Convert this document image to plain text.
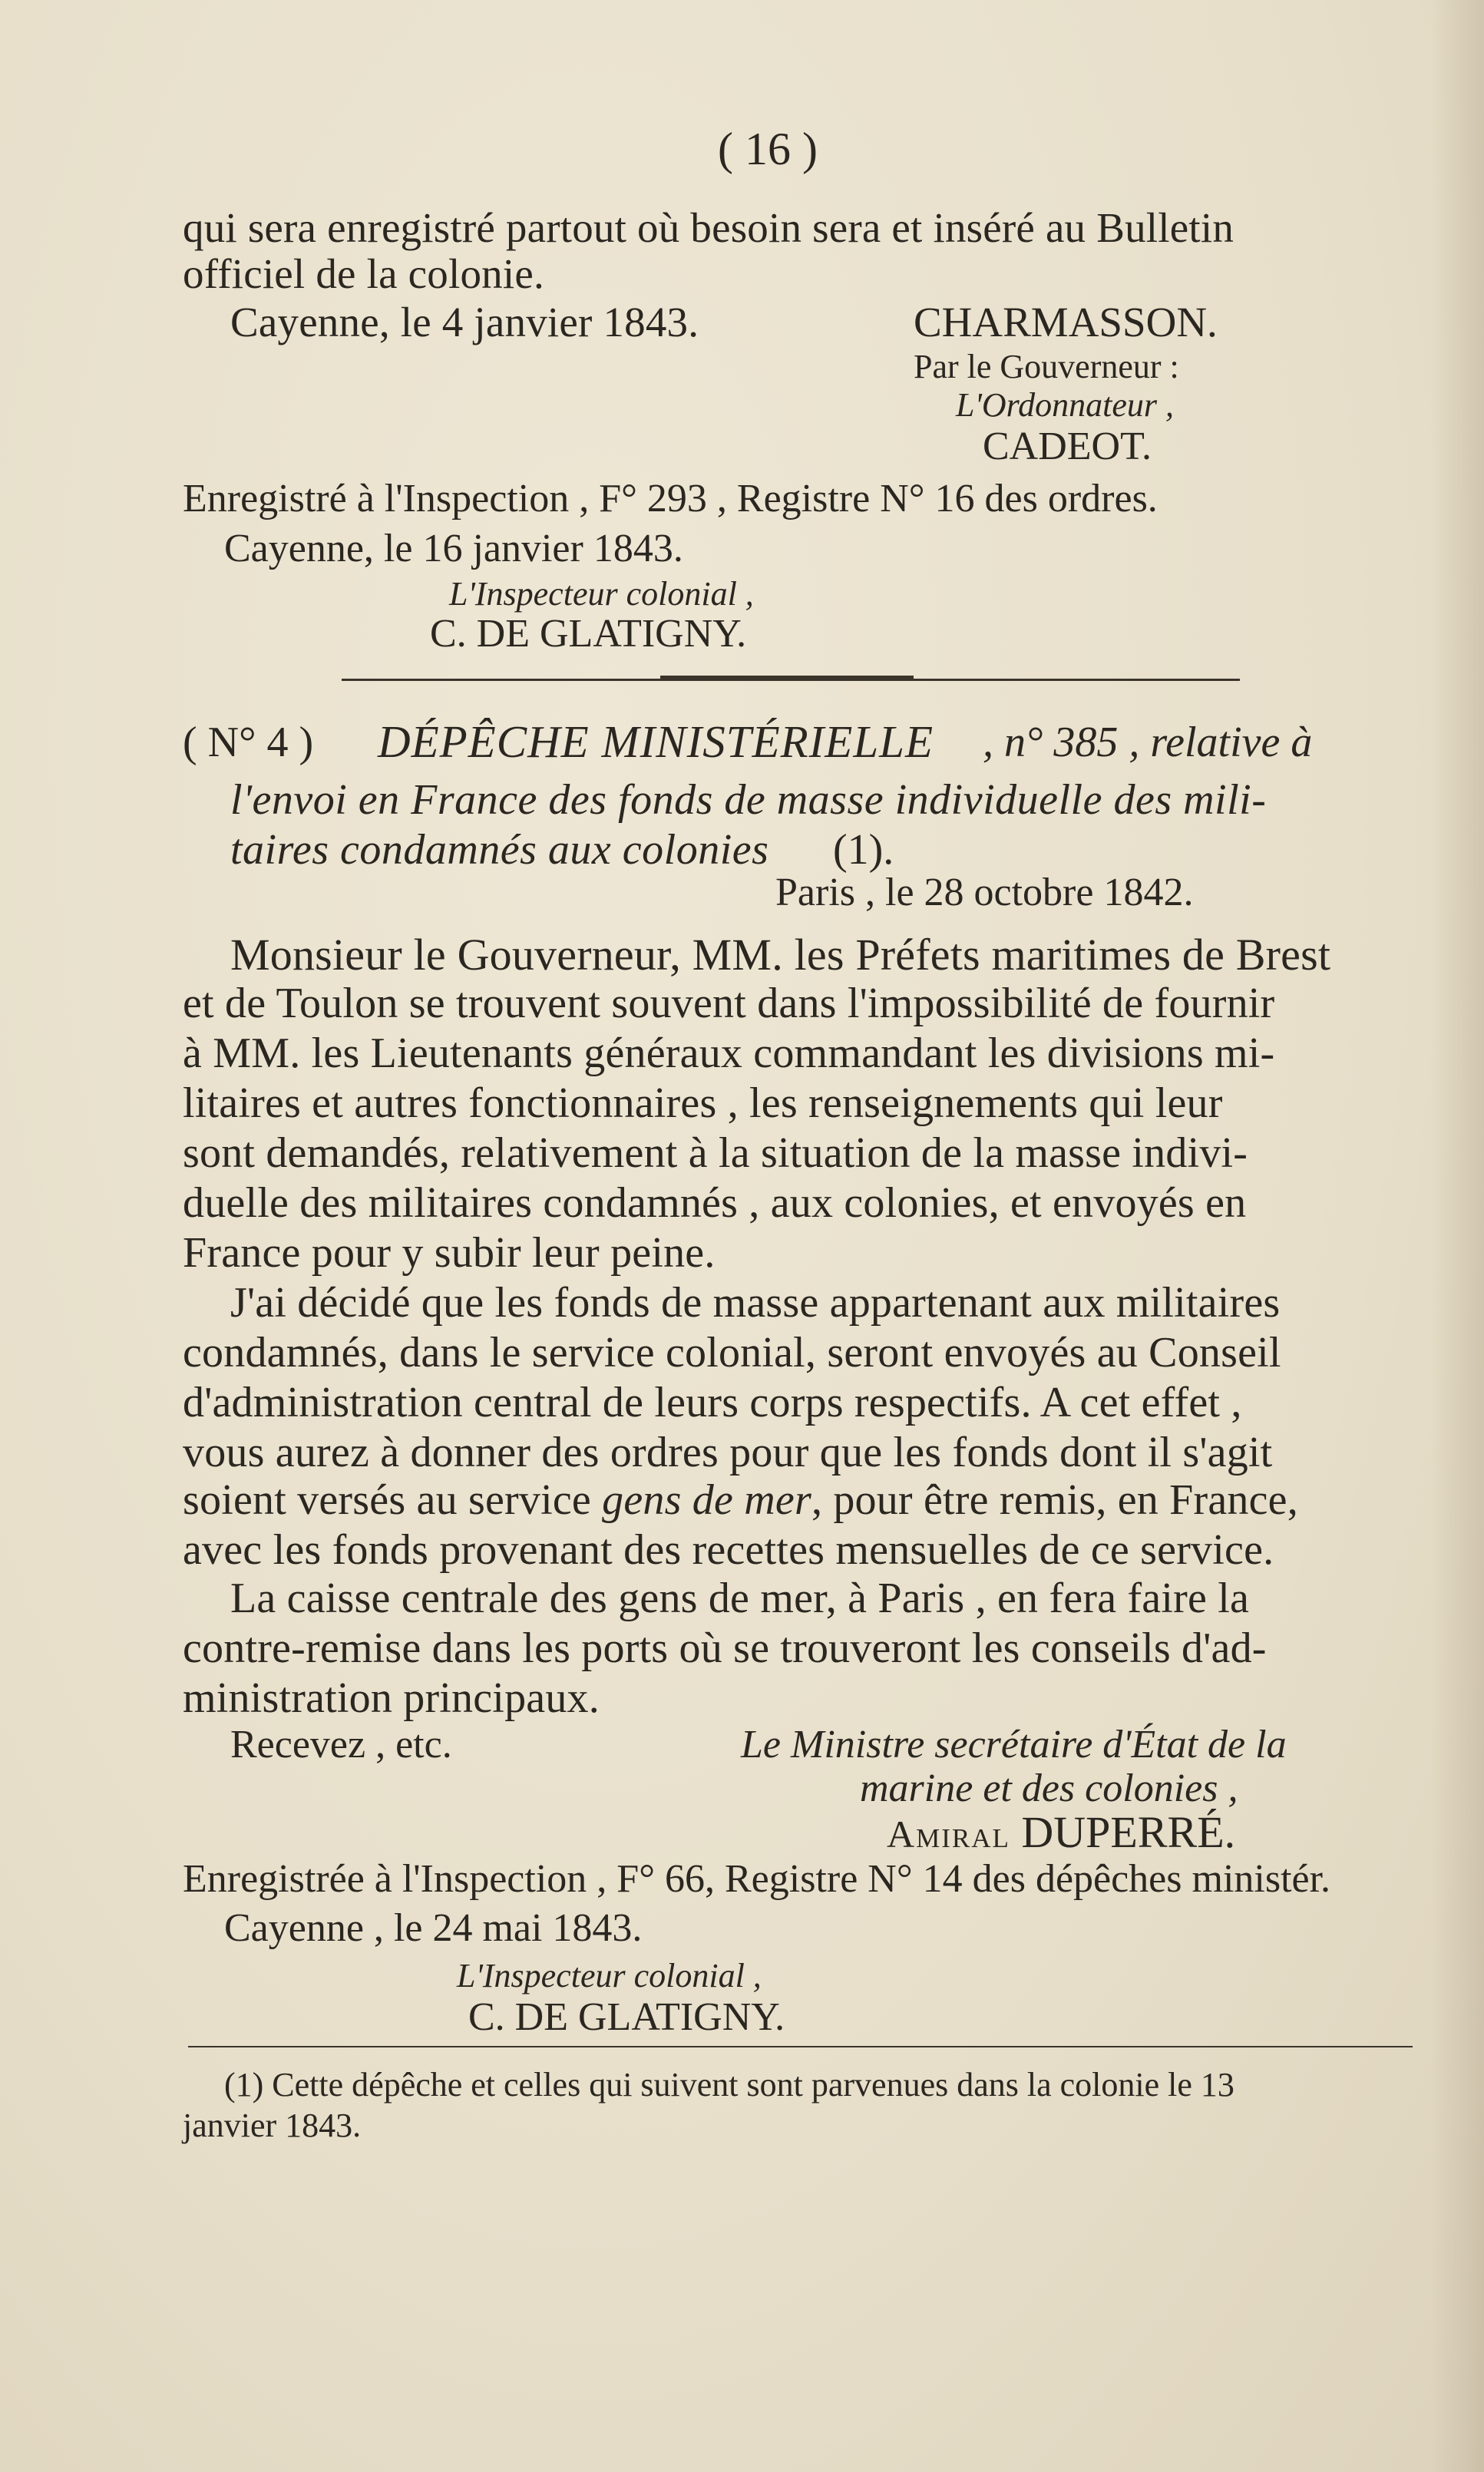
( 16 )

qui sera enregistré partout où besoin sera et inséré au Bulletin

officiel de la colonie.

Cayenne, le 4 janvier 1843.	CHARMASSON.

Par le Gouverneur :

L'Ordonnateur ,

CADEOT.

Enregistré à l'Inspection , F° 293 , Registre N° 16 des ordres.

Cayenne, le 16 janvier 1843.

L'Inspecteur colonial ,

C. DE GLATIGNY.

( N° 4 ) DÉPÊCHE MINISTÉRIELLE , n° 385 , relative à

l'envoi en France des fonds de masse individuelle des mili-

taires condamnés aux colonies (1).

Paris , le 28 octobre 1842.

Monsieur le Gouverneur, MM. les Préfets maritimes de Brest

et de Toulon se trouvent souvent dans l'impossibilité de fournir

à MM. les Lieutenants généraux commandant les divisions mi-

litaires et autres fonctionnaires , les renseignements qui leur

sont demandés, relativement à la situation de la masse indivi-

duelle des militaires condamnés , aux colonies, et envoyés en

France pour y subir leur peine.

J'ai décidé que les fonds de masse appartenant aux militaires

condamnés, dans le service colonial, seront envoyés au Conseil

d'administration central de leurs corps respectifs. A cet effet ,

vous aurez à donner des ordres pour que les fonds dont il s'agit

soient versés au service gens de mer, pour être remis, en France,

avec les fonds provenant des recettes mensuelles de ce service.

La caisse centrale des gens de mer, à Paris , en fera faire la

contre-remise dans les ports où se trouveront les conseils d'ad-

ministration principaux.

Recevez , etc.	Le Ministre secrétaire d'État de la

marine et des colonies ,

Amiral DUPERRÉ.

Enregistrée à l'Inspection , F° 66, Registre N° 14 des dépêches ministér.

Cayenne , le 24 mai 1843.

L'Inspecteur colonial ,

C. DE GLATIGNY.

(1) Cette dépêche et celles qui suivent sont parvenues dans la colonie le 13

janvier 1843.
